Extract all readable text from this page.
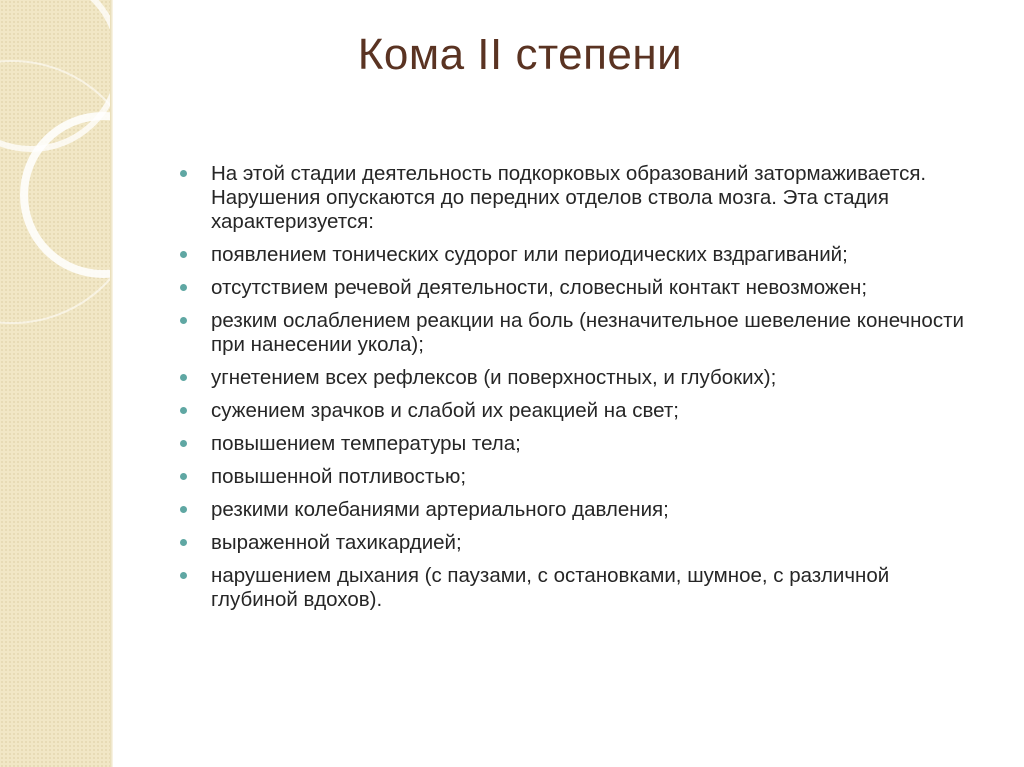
Кома II степени
На этой стадии деятельность подкорковых образований затормаживается. Нарушения опускаются до передних отделов ствола мозга. Эта стадия характеризуется:
появлением тонических судорог или периодических вздрагиваний;
отсутствием речевой деятельности, словесный контакт невозможен;
резким ослаблением реакции на боль (незначительное шевеление конечности при нанесении укола);
угнетением всех рефлексов (и поверхностных, и глубоких);
сужением зрачков и слабой их реакцией на свет;
повышением температуры тела;
повышенной потливостью;
резкими колебаниями артериального давления;
выраженной тахикардией;
нарушением дыхания (с паузами, с остановками, шумное, с различной глубиной вдохов).
